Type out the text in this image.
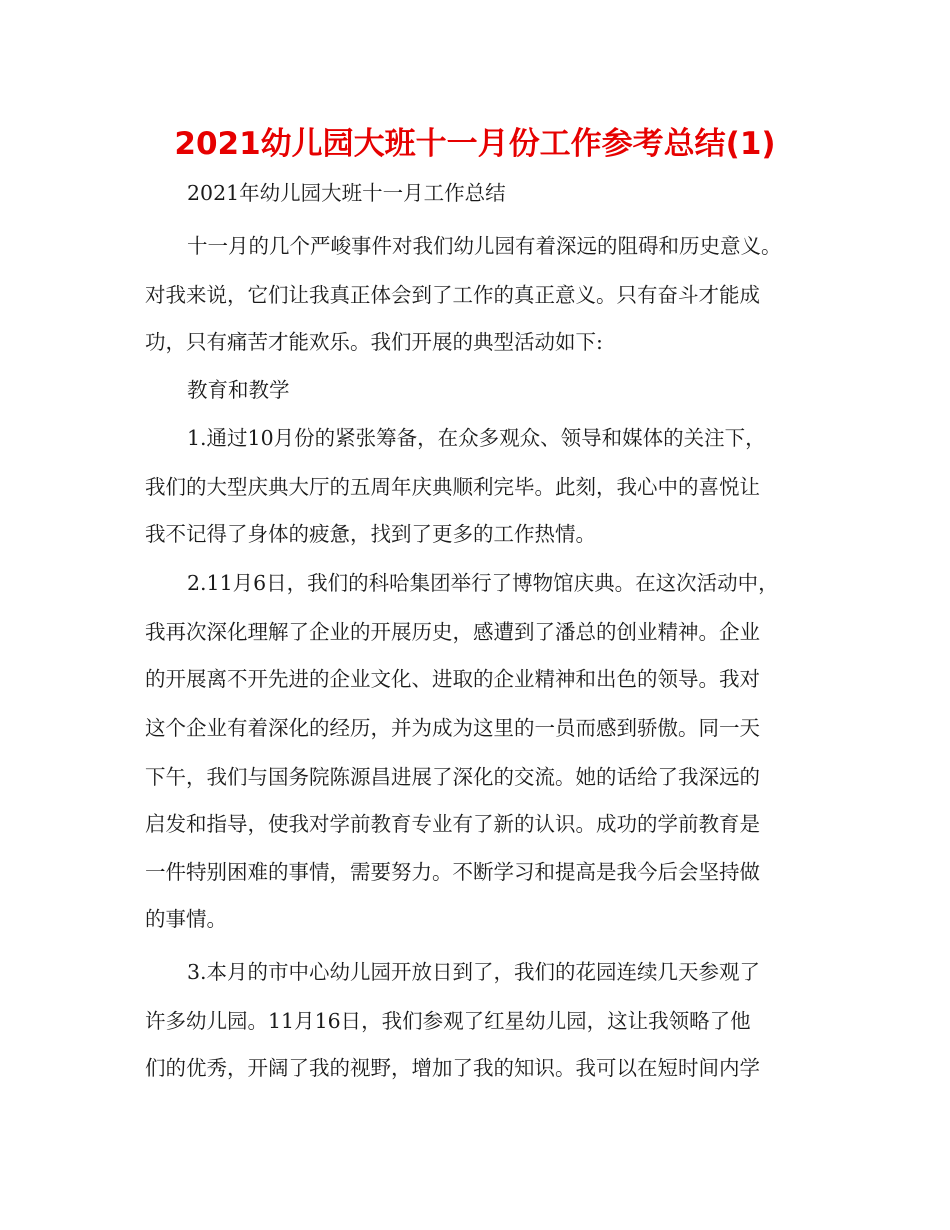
2021幼儿园大班十一月份工作参考总结(1)
2021年幼儿园大班十一月工作总结
十一月的几个严峻事件对我们幼儿园有着深远的阻碍和历史意义。
对我来说，它们让我真正体会到了工作的真正意义。只有奋斗才能成
功，只有痛苦才能欢乐。我们开展的典型活动如下:
教育和教学
1.通过10月份的紧张筹备，在众多观众、领导和媒体的关注下，
我们的大型庆典大厅的五周年庆典顺利完毕。此刻，我心中的喜悦让
我不记得了身体的疲惫，找到了更多的工作热情。
2.11月6日，我们的科哈集团举行了博物馆庆典。在这次活动中，
我再次深化理解了企业的开展历史，感遭到了潘总的创业精神。企业
的开展离不开先进的企业文化、进取的企业精神和出色的领导。我对
这个企业有着深化的经历，并为成为这里的一员而感到骄傲。同一天
下午，我们与国务院陈源昌进展了深化的交流。她的话给了我深远的
启发和指导，使我对学前教育专业有了新的认识。成功的学前教育是
一件特别困难的事情，需要努力。不断学习和提高是我今后会坚持做
的事情。
3.本月的市中心幼儿园开放日到了，我们的花园连续几天参观了
许多幼儿园。11月16日，我们参观了红星幼儿园，这让我领略了他
们的优秀，开阔了我的视野，增加了我的知识。我可以在短时间内学
